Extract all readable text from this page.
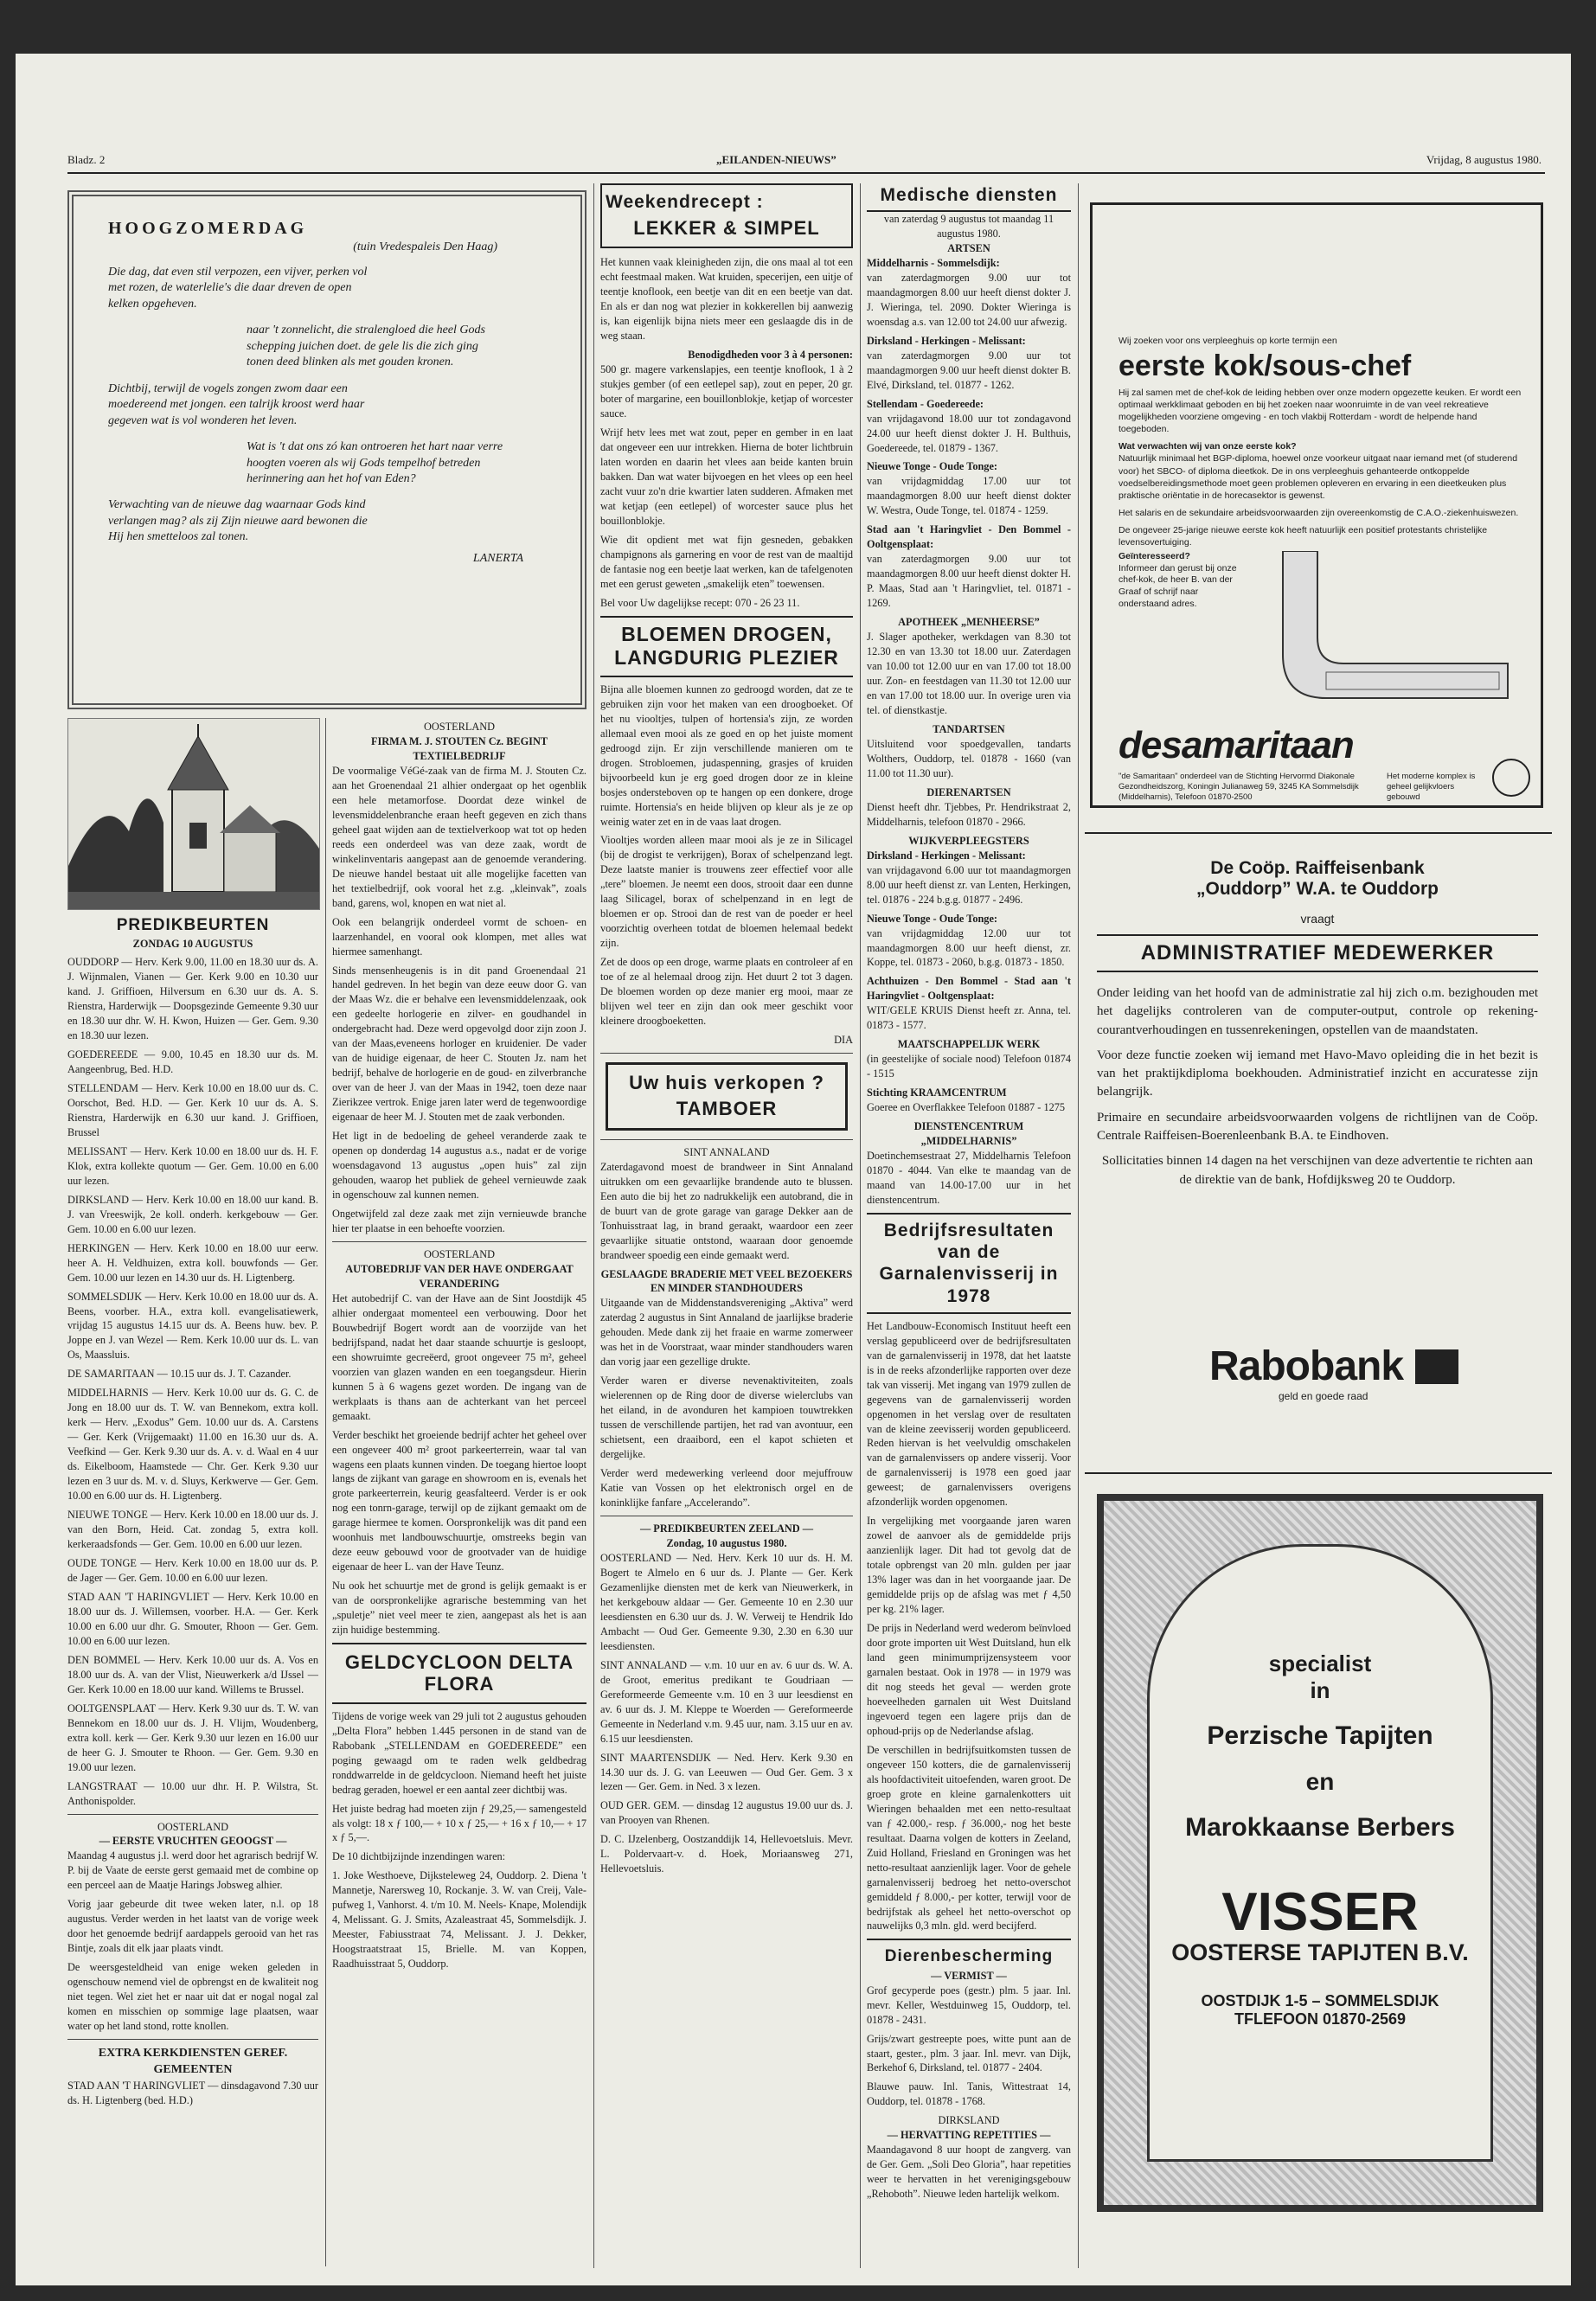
Bladz. 2	„EILANDEN-NIEUWS”	Vrijdag, 8 augustus 1980.
HOOGZOMERDAG
(tuin Vredespaleis Den Haag)
Die dag, dat even stil verpozen, een vijver, perken vol met rozen, de waterlelie's die daar dreven de open kelken opgeheven.
naar 't zonnelicht, die stralengloed die heel Gods schepping juichen doet. de gele lis die zich ging tonen deed blinken als met gouden kronen.
Dichtbij, terwijl de vogels zongen zwom daar een moedereend met jongen. een talrijk kroost werd haar gegeven wat is vol wonderen het leven.
Wat is 't dat ons zó kan ontroeren het hart naar verre hoogten voeren als wij Gods tempelhof betreden herinnering aan het hof van Eden?
Verwachting van de nieuwe dag waarnaar Gods kind verlangen mag? als zij Zijn nieuwe aard bewonen die Hij hen smetteloos zal tonen.
LANERTA
PREDIKBEURTEN
ZONDAG 10 AUGUSTUS

OUDDORP — Herv. Kerk 9.00, 11.00 en 18.30 uur ds. A. J. Wijnmalen, Vianen — Ger. Kerk 9.00 en 10.30 uur kand. J. Griffioen, Hilversum en 6.30 uur ds. A. S. Rienstra, Harderwijk — Doopsgezinde Gemeente 9.30 uur en 18.30 uur dhr. W. H. Kwon, Huizen — Ger. Gem. 9.30 en 18.30 uur lezen.

GOEDEREEDE — 9.00, 10.45 en 18.30 uur ds. M. Aangeenbrug, Bed. H.D.

STELLENDAM — Herv. Kerk 10.00 en 18.00 uur ds. C. Oorschot, Bed. H.D. — Ger. Kerk 10 uur ds. A. S. Rienstra, Harderwijk en 6.30 uur kand. J. Griffioen, Brussel

MELISSANT — Herv. Kerk 10.00 en 18.00 uur ds. H. F. Klok, extra kollekte quotum — Ger. Gem. 10.00 en 6.00 uur lezen.

DIRKSLAND — Herv. Kerk 10.00 en 18.00 uur kand. B. J. van Vreeswijk, 2e koll. onderh. kerkgebouw — Ger. Gem. 10.00 en 6.00 uur lezen.

HERKINGEN — Herv. Kerk 10.00 en 18.00 uur eerw. heer A. H. Veldhuizen, extra koll. bouwfonds — Ger. Gem. 10.00 uur lezen en 14.30 uur ds. H. Ligtenberg.

SOMMELSDIJK — Herv. Kerk 10.00 en 18.00 uur ds. A. Beens, voorber. H.A., extra koll. evangelisatiewerk, vrijdag 15 augustus 14.15 uur ds. A. Beens huw. bev. P. Joppe en J. van Wezel — Rem. Kerk 10.00 uur ds. L. van Os, Maassluis.

DE SAMARITAAN — 10.15 uur ds. J. T. Cazander.

MIDDELHARNIS — Herv. Kerk 10.00 uur ds. G. C. de Jong en 18.00 uur ds. T. W. van Bennekom, extra koll. kerk — Herv. „Exodus” Gem. 10.00 uur ds. A. Carstens — Ger. Kerk (Vrijgemaakt) 11.00 en 16.30 uur ds. A. Veefkind — Ger. Kerk 9.30 uur ds. A. v. d. Waal en 4 uur ds. Eikelboom, Haamstede — Chr. Ger. Kerk 9.30 uur lezen en 3 uur ds. M. v. d. Sluys, Kerkwerve — Ger. Gem. 10.00 en 6.00 uur ds. H. Ligtenberg.

NIEUWE TONGE — Herv. Kerk 10.00 en 18.00 uur ds. J. van den Born, Heid. Cat. zondag 5, extra koll. kerkeraadsfonds — Ger. Gem. 10.00 en 6.00 uur lezen.

OUDE TONGE — Herv. Kerk 10.00 en 18.00 uur ds. P. de Jager — Ger. Gem. 10.00 en 6.00 uur lezen.

STAD AAN 'T HARINGVLIET — Herv. Kerk 10.00 en 18.00 uur ds. J. Willemsen, voorber. H.A. — Ger. Kerk 10.00 en 6.00 uur dhr. G. Smouter, Rhoon — Ger. Gem. 10.00 en 6.00 uur lezen.

DEN BOMMEL — Herv. Kerk 10.00 uur ds. A. Vos en 18.00 uur ds. A. van der Vlist, Nieuwerkerk a/d IJssel — Ger. Kerk 10.00 en 18.00 uur kand. Willems te Brussel.

OOLTGENSPLAAT — Herv. Kerk 9.30 uur ds. T. W. van Bennekom en 18.00 uur ds. J. H. Vlijm, Woudenberg, extra koll. kerk — Ger. Kerk 9.30 uur lezen en 16.00 uur de heer G. J. Smouter te Rhoon. — Ger. Gem. 9.30 en 19.00 uur lezen.

LANGSTRAAT — 10.00 uur dhr. H. P. Wilstra, St. Anthonispolder.

OOSTERLAND
— EERSTE VRUCHTEN GEOOGST —

Maandag 4 augustus j.l. werd door het agrarisch bedrijf W. P. bij de Vaate de eerste gerst gemaaid met de combine op een perceel aan de Maatje Harings Jobsweg alhier.

Vorig jaar gebeurde dit twee weken later, n.l. op 18 augustus. Verder werden in het laatst van de vorige week door het genoemde bedrijf aardappels gerooid van het ras Bintje, zoals dit elk jaar plaats vindt.

De weersgesteldheid van enige weken geleden in ogenschouw nemend viel de opbrengst en de kwaliteit nog niet tegen. Wel ziet het er naar uit dat er nogal nogal zal komen en misschien op sommige lage plaatsen, waar water op het land stond, rotte knollen.

EXTRA KERKDIENSTEN GEREF. GEMEENTEN

STAD AAN 'T HARINGVLIET — dinsdagavond 7.30 uur ds. H. Ligtenberg (bed. H.D.)

OOSTERLAND
FIRMA M. J. STOUTEN Cz. BEGINT TEXTIELBEDRIJF

De voormalige VéGé-zaak van de firma M. J. Stouten Cz. aan het Groenendaal 21 alhier ondergaat op het ogenblik een hele metamorfose. Doordat deze winkel de levensmiddelenbranche eraan heeft gegeven en zich thans geheel gaat wijden aan de textielverkoop wat tot op heden reeds een onderdeel was van deze zaak, wordt de winkelinventaris aangepast aan de genoemde verandering. De nieuwe handel bestaat uit alle mogelijke facetten van het textielbedrijf, ook vooral het z.g. „kleinvak”, zoals band, garens, wol, knopen en wat niet al.

Ook een belangrijk onderdeel vormt de schoen- en laarzenhandel, en vooral ook klompen, met alles wat hiermee samenhangt.

Sinds mensenheugenis is in dit pand Groenendaal 21 handel gedreven. In het begin van deze eeuw door G. van der Maas Wz. die er behalve een levensmiddelenzaak, ook een gedeelte horlogerie en zilver- en goudhandel in ondergebracht had. Deze werd opgevolgd door zijn zoon J. van der Maas,eveneens horloger en kruidenier. De vader van de huidige eigenaar, de heer C. Stouten Jz. nam het bedrijf, behalve de horlogerie en de goud- en zilverbranche over van de heer J. van der Maas in 1942, toen deze naar Zierikzee vertrok. Enige jaren later werd de tegenwoordige eigenaar de heer M. J. Stouten met de zaak verbonden.

Het ligt in de bedoeling de geheel veranderde zaak te openen op donderdag 14 augustus a.s., nadat er de vorige woensdagavond 13 augustus „open huis” zal zijn gehouden, waarop het publiek de geheel vernieuwde zaak in ogenschouw zal kunnen nemen.

Ongetwijfeld zal deze zaak met zijn vernieuwde branche hier ter plaatse in een behoefte voorzien.

OOSTERLAND
AUTOBEDRIJF VAN DER HAVE ONDERGAAT VERANDERING

Het autobedrijf C. van der Have aan de Sint Joostdijk 45 alhier ondergaat momenteel een verbouwing. Door het Bouwbedrijf Bogert wordt aan de voorzijde van het bedrijfspand, nadat het daar staande schuurtje is gesloopt, een showruimte gecreëerd, groot ongeveer 75 m², geheel voorzien van glazen wanden en een toegangsdeur. Hierin kunnen 5 à 6 wagens gezet worden. De ingang van de werkplaats is thans aan de achterkant van het perceel gemaakt.

Verder beschikt het groeiende bedrijf achter het geheel over een ongeveer 400 m² groot parkeerterrein, waar tal van wagens een plaats kunnen vinden. De toegang hiertoe loopt langs de zijkant van garage en showroom en is, evenals het grote parkeerterrein, keurig geasfalteerd. Verder is er ook nog een tonrn-garage, terwijl op de zijkant gemaakt om de garage hiermee te komen. Oorspronkelijk was dit pand een woonhuis met landbouwschuurtje, omstreeks begin van deze eeuw gebouwd voor de grootvader van de huidige eigenaar de heer L. van der Have Teunz.

Nu ook het schuurtje met de grond is gelijk gemaakt is er van de oorspronkelijke agrarische bestemming van het „spuletje” niet veel meer te zien, aangepast als het is aan zijn huidige bestemming.

GELDCYCLOON DELTA FLORA

Tijdens de vorige week van 29 juli tot 2 augustus gehouden „Delta Flora” hebben 1.445 personen in de stand van de Rabobank „STELLENDAM en GOEDEREEDE” een poging gewaagd om te raden welk geldbedrag ronddwarrelde in de geldcycloon. Niemand heeft het juiste bedrag geraden, hoewel er een aantal zeer dichtbij was.

Het juiste bedrag had moeten zijn ƒ 29,25,— samengesteld als volgt: 18 x ƒ 100,— + 10 x ƒ 25,— + 16 x ƒ 10,— + 17 x ƒ 5,—.

De 10 dichtbijzijnde inzendingen waren:

1. Joke Westhoeve, Dijksteleweg 24, Ouddorp. 2. Diena 't Mannetje, Narersweg 10, Rockanje. 3. W. van Creij, Vale-pufweg 1, Vanhorst. 4. t/m 10. M. Neels- Knape, Molendijk 4, Melissant. G. J. Smits, Azaleastraat 45, Sommelsdijk. J. Meester, Fabiusstraat 74, Melissant. J. J. Dekker, Hoogstraatstraat 15, Brielle. M. van Koppen, Raadhuisstraat 5, Ouddorp.

Weekendrecept :
LEKKER & SIMPEL

Het kunnen vaak kleinigheden zijn, die ons maal al tot een echt feestmaal maken. Wat kruiden, specerijen, een uitje of teentje knoflook, een beetje van dit en een beetje van dat. En als er dan nog wat plezier in kokkerellen bij aanwezig is, kan eigenlijk bijna niets meer een geslaagde dis in de weg staan.

Benodigdheden voor 3 à 4 personen:

500 gr. magere varkenslapjes, een teentje knoflook, 1 à 2 stukjes gember (of een eetlepel sap), zout en peper, 20 gr. boter of margarine, een bouillonblokje, ketjap of worcester sauce.

Wrijf hetv lees met wat zout, peper en gember in en laat dat ongeveer een uur intrekken. Hierna de boter lichtbruin laten worden en daarin het vlees aan beide kanten bruin bakken. Dan wat water bijvoegen en het vlees op een heel zacht vuur zo'n drie kwartier laten sudderen. Afmaken met wat ketjap (een eetlepel) of worcester sauce plus het bouillonblokje.

Wie dit opdient met wat fijn gesneden, gebakken champignons als garnering en voor de rest van de maaltijd de fantasie nog een beetje laat werken, kan de tafelgenoten met een gerust geweten „smakelijk eten” toewensen.

Bel voor Uw dagelijkse recept: 070 - 26 23 11.

BLOEMEN DROGEN, LANGDURIG PLEZIER

Bijna alle bloemen kunnen zo gedroogd worden, dat ze te gebruiken zijn voor het maken van een droogboeket. Of het nu viooltjes, tulpen of hortensia's zijn, ze worden allemaal even mooi als ze goed en op het juiste moment gedroogd zijn. Er zijn verschillende manieren om te drogen. Strobloemen, judaspenning, grasjes of kruiden bijvoorbeeld kun je erg goed drogen door ze in kleine bosjes ondersteboven op te hangen op een donkere, droge ruimte. Hortensia's en heide blijven op kleur als je ze op weinig water zet en in de vaas laat drogen.

Viooltjes worden alleen maar mooi als je ze in Silicagel (bij de drogist te verkrijgen), Borax of schelpenzand legt. Deze laatste manier is trouwens zeer effectief voor alle „tere” bloemen. Je neemt een doos, strooit daar een dunne laag Silicagel, borax of schelpenzand in en legt de bloemen er op. Strooi dan de rest van de poeder er heel voorzichtig overheen totdat de bloemen helemaal bedekt zijn.

Zet de doos op een droge, warme plaats en controleer af en toe of ze al helemaal droog zijn. Het duurt 2 tot 3 dagen. De bloemen worden op deze manier erg mooi, maar ze blijven wel teer en zijn dan ook meer geschikt voor kleinere droogboeketten.

DIA
Uw huis verkopen ?
TAMBOER
SINT ANNALAND

Zaterdagavond moest de brandweer in Sint Annaland uitrukken om een gevaarlijke brandende auto te blussen. Een auto die bij het zo nadrukkelijk een autobrand, die in de buurt van de grote garage van garage Dekker aan de Tonhuisstraat lag, in brand geraakt, waardoor een zeer gevaarlijke situatie ontstond, waaraan door genoemde brandweer spoedig een einde gemaakt werd.

GESLAAGDE BRADERIE MET VEEL BEZOEKERS EN MINDER STANDHOUDERS

Uitgaande van de Middenstandsvereniging „Aktiva” werd zaterdag 2 augustus in Sint Annaland de jaarlijkse braderie gehouden. Mede dank zij het fraaie en warme zomerweer was het in de Voorstraat, waar minder standhouders waren dan vorig jaar een gezellige drukte.

Verder waren er diverse nevenaktiviteiten, zoals wielerennen op de Ring door de diverse wielerclubs van het eiland, in de avonduren het kampioen touwtrekken tussen de verschillende partijen, het rad van avontuur, een schietsent, een draaibord, een el kapot schieten et dergelijke.

Verder werd medewerking verleend door mejuffrouw Katie van Vossen op het elektronisch orgel en de koninklijke fanfare „Accelerando”.

— PREDIKBEURTEN ZEELAND —
Zondag, 10 augustus 1980.

OOSTERLAND — Ned. Herv. Kerk 10 uur ds. H. M. Bogert te Almelo en 6 uur ds. J. Plante — Ger. Kerk Gezamenlijke diensten met de kerk van Nieuwerkerk, in het kerkgebouw aldaar — Ger. Gemeente 10 en 2.30 uur leesdiensten en 6.30 uur ds. J. W. Verweij te Hendrik Ido Ambacht — Oud Ger. Gemeente 9.30, 2.30 en 6.30 uur leesdiensten.

SINT ANNALAND — v.m. 10 uur en av. 6 uur ds. W. A. de Groot, emeritus predikant te Goudriaan — Gereformeerde Gemeente v.m. 10 en 3 uur leesdienst en av. 6 uur ds. J. M. Kleppe te Woerden — Gereformeerde Gemeente in Nederland v.m. 9.45 uur, nam. 3.15 uur en av. 6.15 uur leesdiensten.

SINT MAARTENSDIJK — Ned. Herv. Kerk 9.30 en 14.30 uur ds. J. G. van Leeuwen — Oud Ger. Gem. 3 x lezen — Ger. Gem. in Ned. 3 x lezen.

OUD GER. GEM. — dinsdag 12 augustus 19.00 uur ds. J. van Prooyen van Rhenen.

D. C. IJzelenberg, Oostzanddijk 14, Hellevoetsluis. Mevr. L. Poldervaart-v. d. Hoek, Moriaansweg 271, Hellevoetsluis.

Medische diensten
van zaterdag 9 augustus tot maandag 11 augustus 1980.
ARTSEN
Middelharnis - Sommelsdijk:

van zaterdagmorgen 9.00 uur tot maandagmorgen 8.00 uur heeft dienst dokter J. J. Wieringa, tel. 2090. Dokter Wieringa is woensdag a.s. van 12.00 tot 24.00 uur afwezig.

Dirksland - Herkingen - Melissant:

van zaterdagmorgen 9.00 uur tot maandagmorgen 9.00 uur heeft dienst dokter B. Elvé, Dirksland, tel. 01877 - 1262.

Stellendam - Goedereede:

van vrijdagavond 18.00 uur tot zondagavond 24.00 uur heeft dienst dokter J. H. Bulthuis, Goedereede, tel. 01879 - 1367.

Nieuwe Tonge - Oude Tonge:

van vrijdagmiddag 17.00 uur tot maandagmorgen 8.00 uur heeft dienst dokter W. Westra, Oude Tonge, tel. 01874 - 1259.

Stad aan 't Haringvliet - Den Bommel - Ooltgensplaat:

van zaterdagmorgen 9.00 uur tot maandagmorgen 8.00 uur heeft dienst dokter H. P. Maas, Stad aan 't Haringvliet, tel. 01871 - 1269.

APOTHEEK „MENHEERSE”

J. Slager apotheker, werkdagen van 8.30 tot 12.30 en van 13.30 tot 18.00 uur. Zaterdagen van 10.00 tot 12.00 uur en van 17.00 tot 18.00 uur. Zon- en feestdagen van 11.30 tot 12.00 uur en van 17.00 tot 18.00 uur. In overige uren via tel. of dienstkastje.

TANDARTSEN

Uitsluitend voor spoedgevallen, tandarts Wolthers, Ouddorp, tel. 01878 - 1660 (van 11.00 tot 11.30 uur).

DIERENARTSEN

Dienst heeft dhr. Tjebbes, Pr. Hendrikstraat 2, Middelharnis, telefoon 01870 - 2966.

WIJKVERPLEEGSTERS
Dirksland - Herkingen - Melissant:

van vrijdagavond 6.00 uur tot maandagmorgen 8.00 uur heeft dienst zr. van Lenten, Herkingen, tel. 01876 - 224 b.g.g. 01877 - 2496.

Nieuwe Tonge - Oude Tonge:

van vrijdagmiddag 12.00 uur tot maandagmorgen 8.00 uur heeft dienst, zr. Koppe, tel. 01873 - 2060, b.g.g. 01873 - 1850.

Achthuizen - Den Bommel - Stad aan 't Haringvliet - Ooltgensplaat:

WIT/GELE KRUIS Dienst heeft zr. Anna, tel. 01873 - 1577.

MAATSCHAPPELIJK WERK

(in geestelijke of sociale nood) Telefoon 01874 - 1515

Stichting KRAAMCENTRUM

Goeree en Overflakkee Telefoon 01887 - 1275

DIENSTENCENTRUM „MIDDELHARNIS”

Doetinchemsestraat 27, Middelharnis Telefoon 01870 - 4044. Van elke te maandag van de maand van 14.00-17.00 uur in het dienstencentrum.

Bedrijfsresultaten van de Garnalenvisserij in 1978

Het Landbouw-Economisch Instituut heeft een verslag gepubliceerd over de bedrijfsresultaten van de garnalenvisserij in 1978, dat het laatste is in de reeks afzonderlijke rapporten over deze tak van visserij. Met ingang van 1979 zullen de gegevens van de garnalenvisserij worden opgenomen in het verslag over de resultaten van de kleine zeevisserij worden gepubliceerd. Reden hiervan is het veelvuldig omschakelen van de garnalenvissers op andere visserij. Voor de garnalenvisserij is 1978 een goed jaar geweest; de garnalenvissers overigens afzonderlijk worden opgenomen.

In vergelijking met voorgaande jaren waren zowel de aanvoer als de gemiddelde prijs aanzienlijk lager. Dit had tot gevolg dat de totale opbrengst van 20 mln. gulden per jaar 13% lager was dan in het voorgaande jaar. De gemiddelde prijs op de afslag was met ƒ 4,50 per kg. 21% lager.

De prijs in Nederland werd wederom beïnvloed door grote importen uit West Duitsland, hun elk land geen minimumprijzensysteem voor garnalen bestaat. Ook in 1978 — in 1979 was dit nog steeds het geval — werden grote hoeveelheden garnalen uit West Duitsland ingevoerd tegen een lagere prijs dan de ophoud-prijs op de Nederlandse afslag.

De verschillen in bedrijfsuitkomsten tussen de ongeveer 150 kotters, die de garnalenvisserij als hoofdactiviteit uitoefenden, waren groot. De groep grote en kleine garnalenkotters uit Wieringen behaalden met een netto-resultaat van ƒ 42.000,- resp. ƒ 36.000,- nog het beste resultaat. Daarna volgen de kotters in Zeeland, Zuid Holland, Friesland en Groningen was het netto-resultaat aanzienlijk lager. Voor de gehele garnalenvisserij bedroeg het netto-overschot gemiddeld ƒ 8.000,- per kotter, terwijl voor de bedrijfstak als geheel het netto-overschot op nauwelijks 0,3 mln. gld. werd becijferd.

Dierenbescherming
— VERMIST —

Grof gecyperde poes (gestr.) plm. 5 jaar. Inl. mevr. Keller, Westduinweg 15, Ouddorp, tel. 01878 - 2431.

Grijs/zwart gestreepte poes, witte punt aan de staart, gester., plm. 3 jaar. Inl. mevr. van Dijk, Berkehof 6, Dirksland, tel. 01877 - 2404.

Blauwe pauw. Inl. Tanis, Wittestraat 14, Ouddorp, tel. 01878 - 1768.

DIRKSLAND
— HERVATTING REPETITIES —

Maandagavond 8 uur hoopt de zangverg. van de Ger. Gem. „Soli Deo Gloria”, haar repetities weer te hervatten in het verenigingsgebouw „Rehoboth”. Nieuwe leden hartelijk welkom.

Wij zoeken voor ons verpleeghuis op korte termijn een
eerste kok/sous-chef
Hij zal samen met de chef-kok de leiding hebben over onze modern opgezette keuken. Er wordt een optimaal werkklimaat geboden en bij het zoeken naar woonruimte in de van veel rekreatieve mogelijkheden voorziene omgeving - en toch vlakbij Rotterdam - wordt de helpende hand toegeboden.
Wat verwachten wij van onze eerste kok?
Natuurlijk minimaal het BGP-diploma, hoewel onze voorkeur uitgaat naar iemand met (of studerend voor) het SBCO- of diploma dieetkok. De in ons verpleeghuis gehanteerde ontkoppelde voedselbereidingsmethode moet geen problemen opleveren en ervaring in een dieetkeuken plus praktische oriëntatie in de horecasektor is gewenst.
Het salaris en de sekundaire arbeidsvoorwaarden zijn overeenkomstig de C.A.O.-ziekenhuiswezen.
De ongeveer 25-jarige nieuwe eerste kok heeft natuurlijk een positief protestants christelijke levensovertuiging.
Geïnteresseerd?
Informeer dan gerust bij onze chef-kok, de heer B. van der Graaf of schrijf naar onderstaand adres.
desamaritaan
"de Samaritaan" onderdeel van de Stichting Hervormd Diakonale Gezondheidszorg, Koningin Julianaweg 59, 3245 KA Sommelsdijk (Middelharnis), Telefoon 01870-2500
Het moderne komplex is geheel gelijkvloers gebouwd
De Coöp. Raiffeisenbank
„Ouddorp” W.A. te Ouddorp
vraagt
ADMINISTRATIEF MEDEWERKER

Onder leiding van het hoofd van de administratie zal hij zich o.m. bezighouden met het dagelijks controleren van de computer-output, controle op rekening-courantverhoudingen en tussenrekeningen, opstellen van de maandstaten.

Voor deze functie zoeken wij iemand met Havo-Mavo opleiding die in het bezit is van het praktijkdiploma boekhouden. Administratief inzicht en accuratesse zijn belangrijk.

Primaire en secundaire arbeidsvoorwaarden volgens de richtlijnen van de Coöp. Centrale Raiffeisen-Boerenleenbank B.A. te Eindhoven.

Sollicitaties binnen 14 dagen na het verschijnen van deze advertentie te richten aan de direktie van de bank, Hofdijksweg 20 te Ouddorp.

Rabobank
geld en goede raad
specialist
in
Perzische Tapijten
en
Marokkaanse Berbers
VISSER
OOSTERSE TAPIJTEN B.V.
OOSTDIJK 1-5 – SOMMELSDIJK
TFLEFOON 01870-2569
